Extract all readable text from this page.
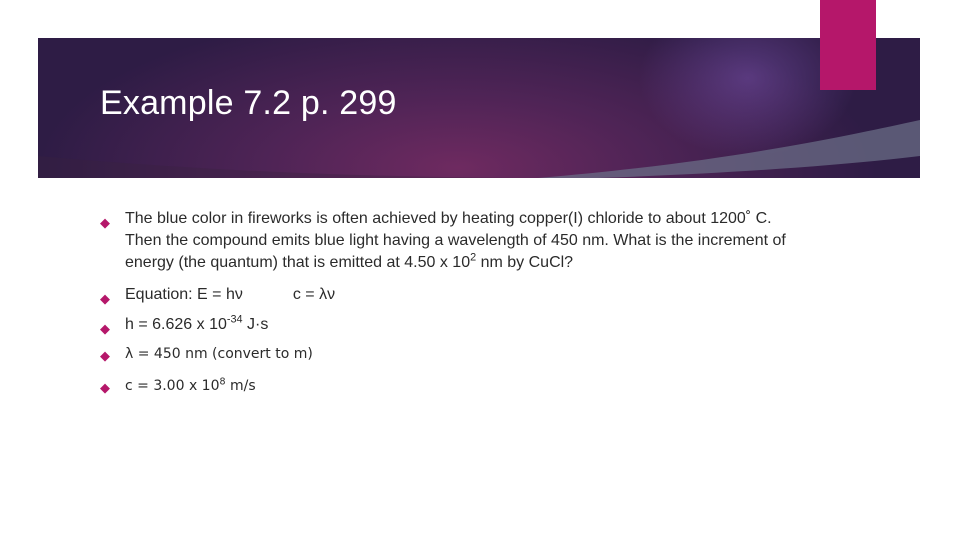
Example 7.2 p. 299
◆ The blue color in fireworks is often achieved by heating copper(I) chloride to about 1200˚ C. Then the compound emits blue light having a wavelength of 450 nm. What is the increment of energy (the quantum) that is emitted at 4.50 x $10^2$ nm by CuCl?
◆ Equation: E = hν	c = λν
◆ h = 6.626 x $10^{-34}$ J·s
◆ λ = 450 nm (convert to m)
◆ c = 3.00 x $10^8$ m/s
